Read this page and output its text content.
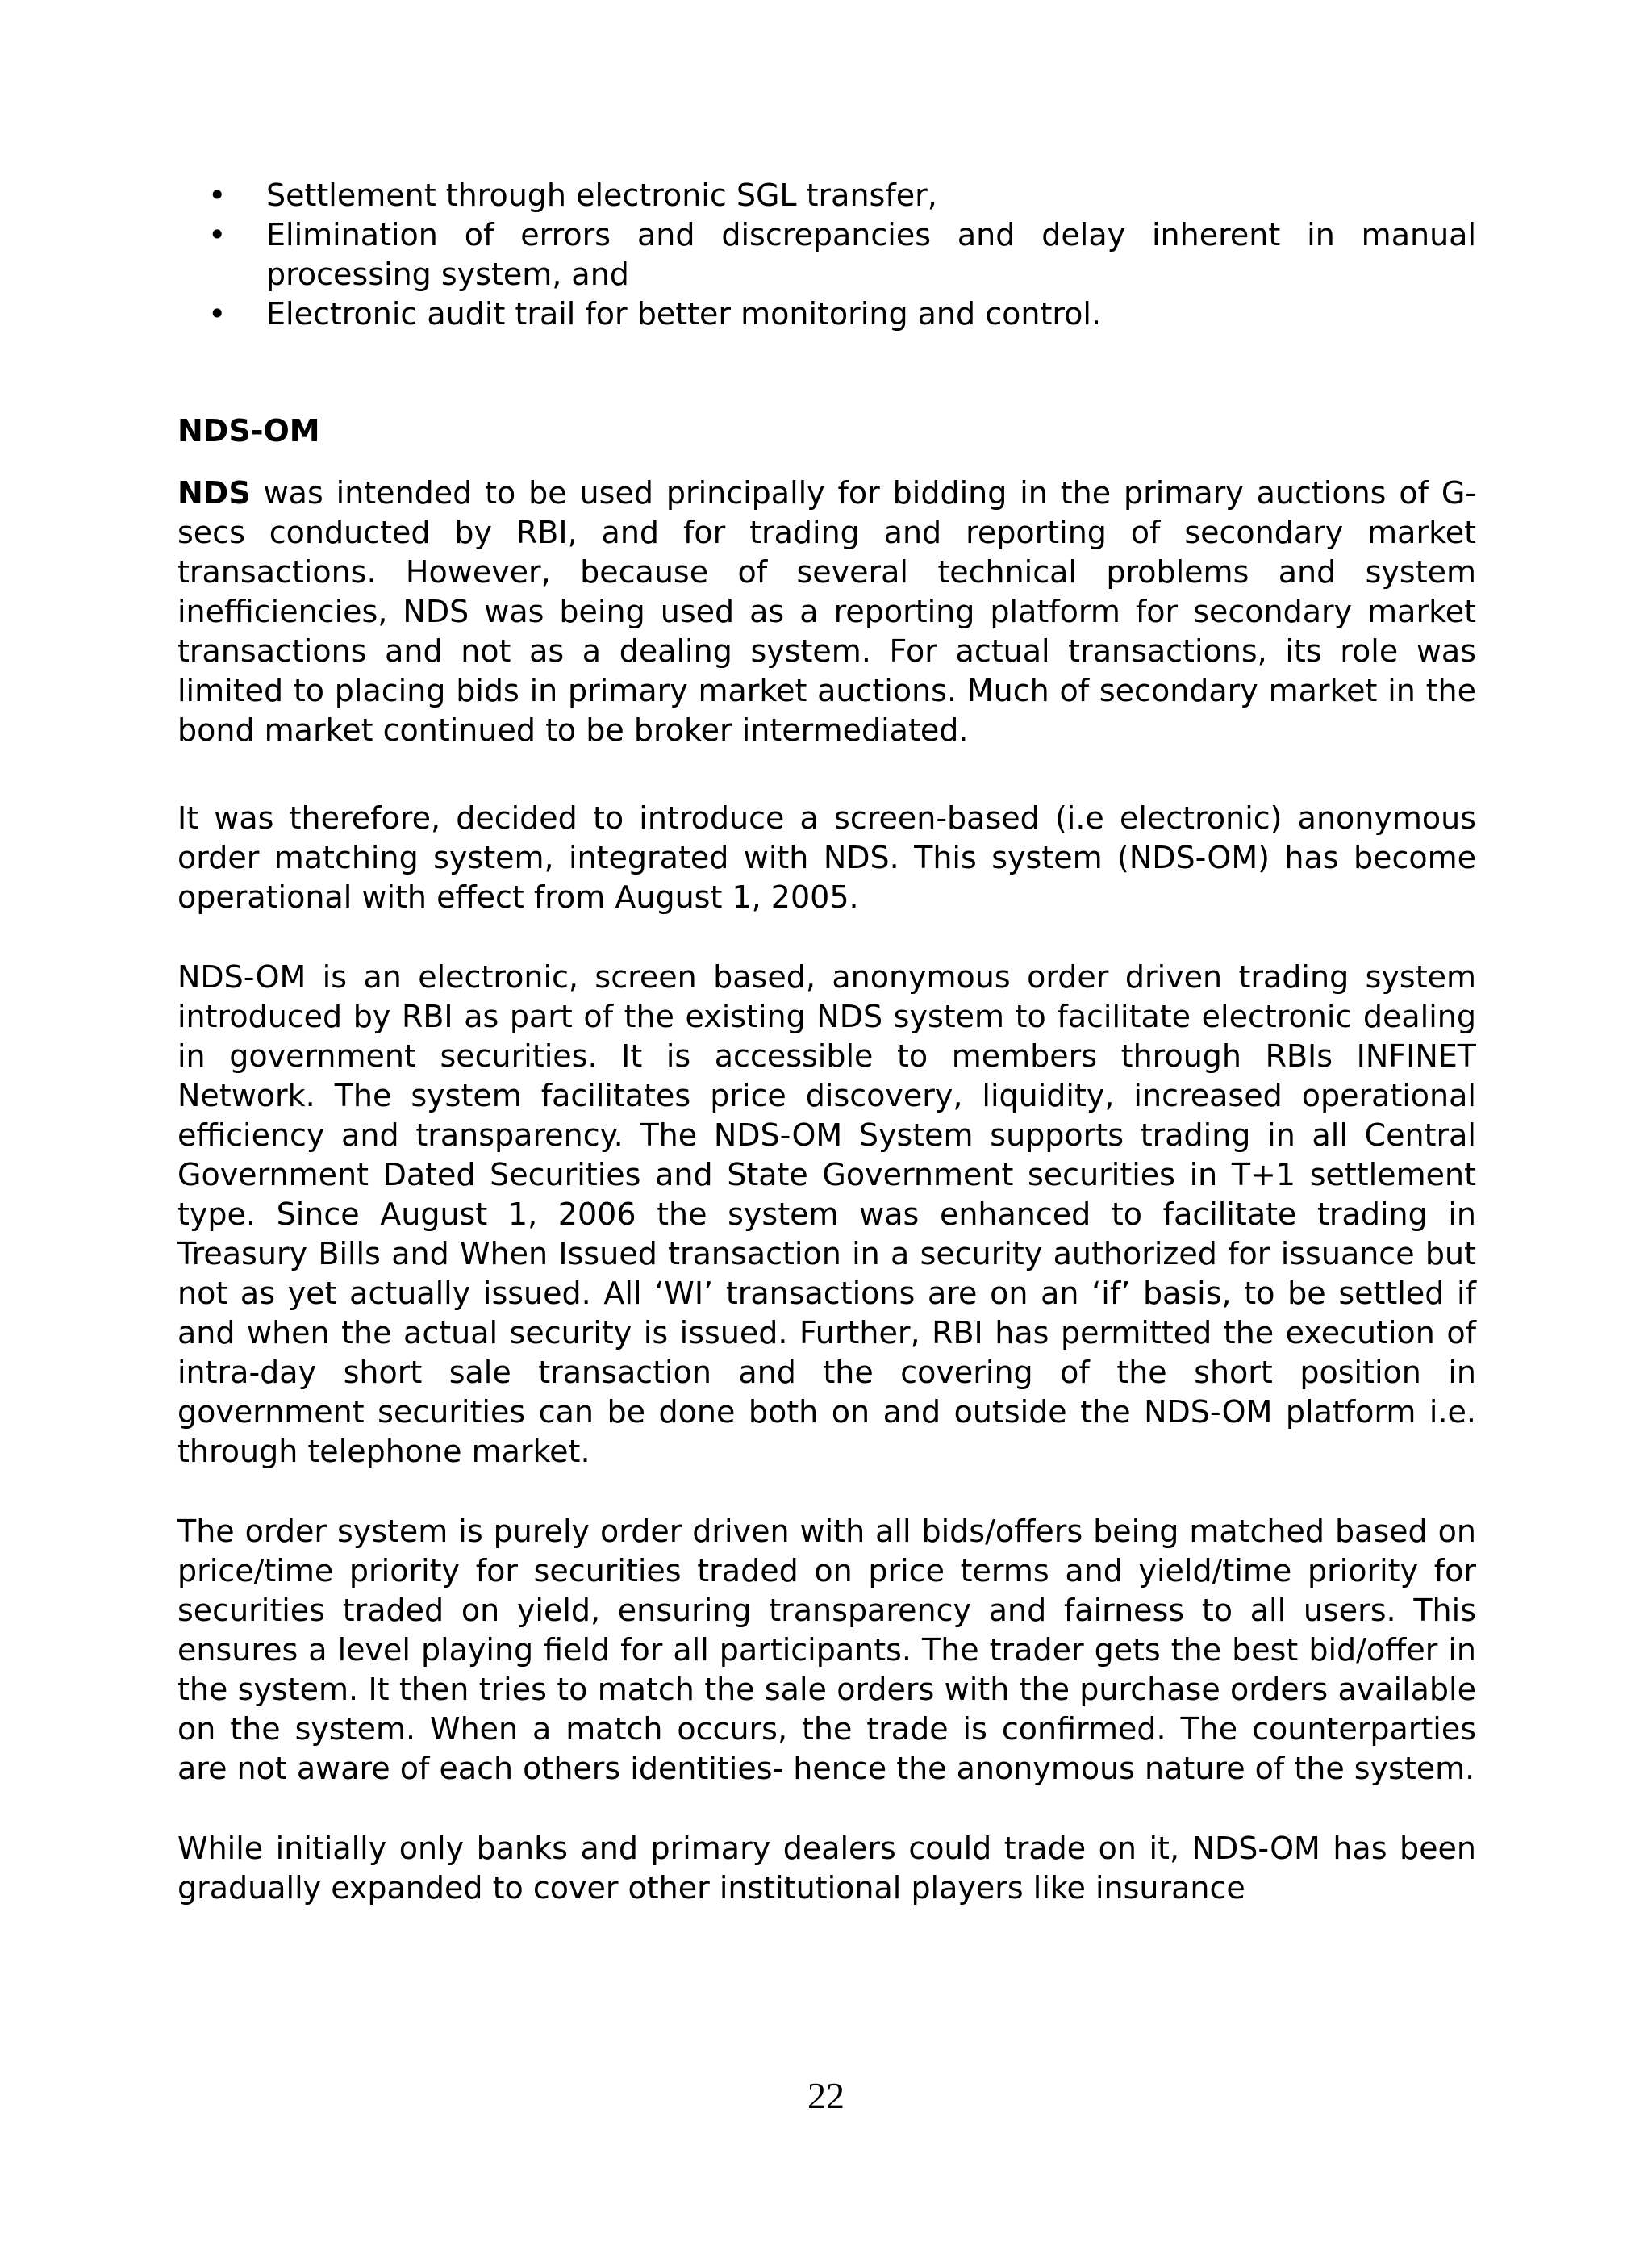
• Settlement through electronic SGL transfer,
• Elimination of errors and discrepancies and delay inherent in manual processing system, and
• Electronic audit trail for better monitoring and control.
NDS-OM

NDS was intended to be used principally for bidding in the primary auctions of G-secs conducted by RBI, and for trading and reporting of secondary market transactions. However, because of several technical problems and system inefficiencies, NDS was being used as a reporting platform for secondary market transactions and not as a dealing system. For actual transactions, its role was limited to placing bids in primary market auctions. Much of secondary market in the bond market continued to be broker intermediated.

It was therefore, decided to introduce a screen-based (i.e electronic) anonymous order matching system, integrated with NDS. This system (NDS-OM) has become operational with effect from August 1, 2005.

NDS-OM is an electronic, screen based, anonymous order driven trading system introduced by RBI as part of the existing NDS system to facilitate electronic dealing in government securities. It is accessible to members through RBIs INFINET Network. The system facilitates price discovery, liquidity, increased operational efficiency and transparency. The NDS-OM System supports trading in all Central Government Dated Securities and State Government securities in T+1 settlement type. Since August 1, 2006 the system was enhanced to facilitate trading in Treasury Bills and When Issued transaction in a security authorized for issuance but not as yet actually issued. All ‘WI’ transactions are on an ‘if’ basis, to be settled if and when the actual security is issued. Further, RBI has permitted the execution of intra-day short sale transaction and the covering of the short position in government securities can be done both on and outside the NDS-OM platform i.e. through telephone market.

The order system is purely order driven with all bids/offers being matched based on price/time priority for securities traded on price terms and yield/time priority for securities traded on yield, ensuring transparency and fairness to all users. This ensures a level playing field for all participants. The trader gets the best bid/offer in the system. It then tries to match the sale orders with the purchase orders available on the system. When a match occurs, the trade is confirmed. The counterparties are not aware of each others identities- hence the anonymous nature of the system.

While initially only banks and primary dealers could trade on it, NDS-OM has been gradually expanded to cover other institutional players like insurance

22
